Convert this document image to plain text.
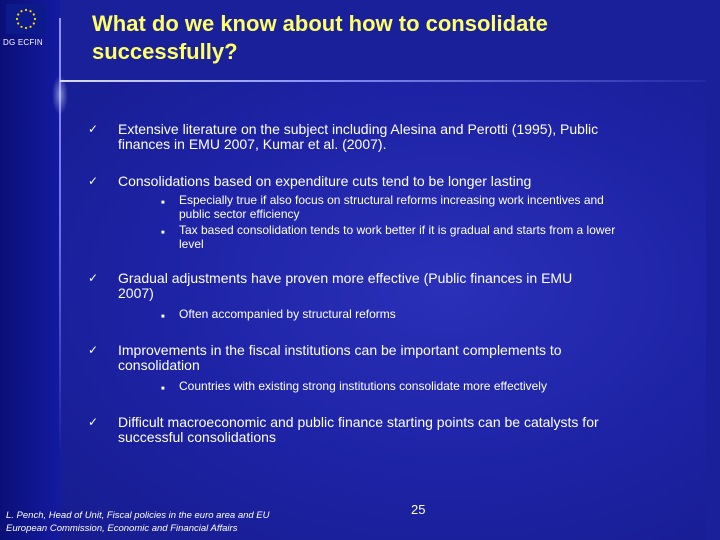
DG ECFIN
What do we know about how to consolidate
successfully?
✓ Extensive literature on the subject including Alesina and Perotti (1995), Public
finances in EMU 2007, Kumar et al. (2007).
✓ Consolidations based on expenditure cuts tend to be longer lasting
■ Especially true if also focus on structural reforms increasing work incentives and
public sector efficiency
■ Tax based consolidation tends to work better if it is gradual and starts from a lower
level
✓ Gradual adjustments have proven more effective (Public finances in EMU
2007)
■ Often accompanied by structural reforms
✓ Improvements in the fiscal institutions can be important complements to
consolidation
■ Countries with existing strong institutions consolidate more effectively
✓ Difficult macroeconomic and public finance starting points can be catalysts for
successful consolidations
L. Pench, Head of Unit, Fiscal policies in the euro area and EU
European Commission, Economic and Financial Affairs
25
